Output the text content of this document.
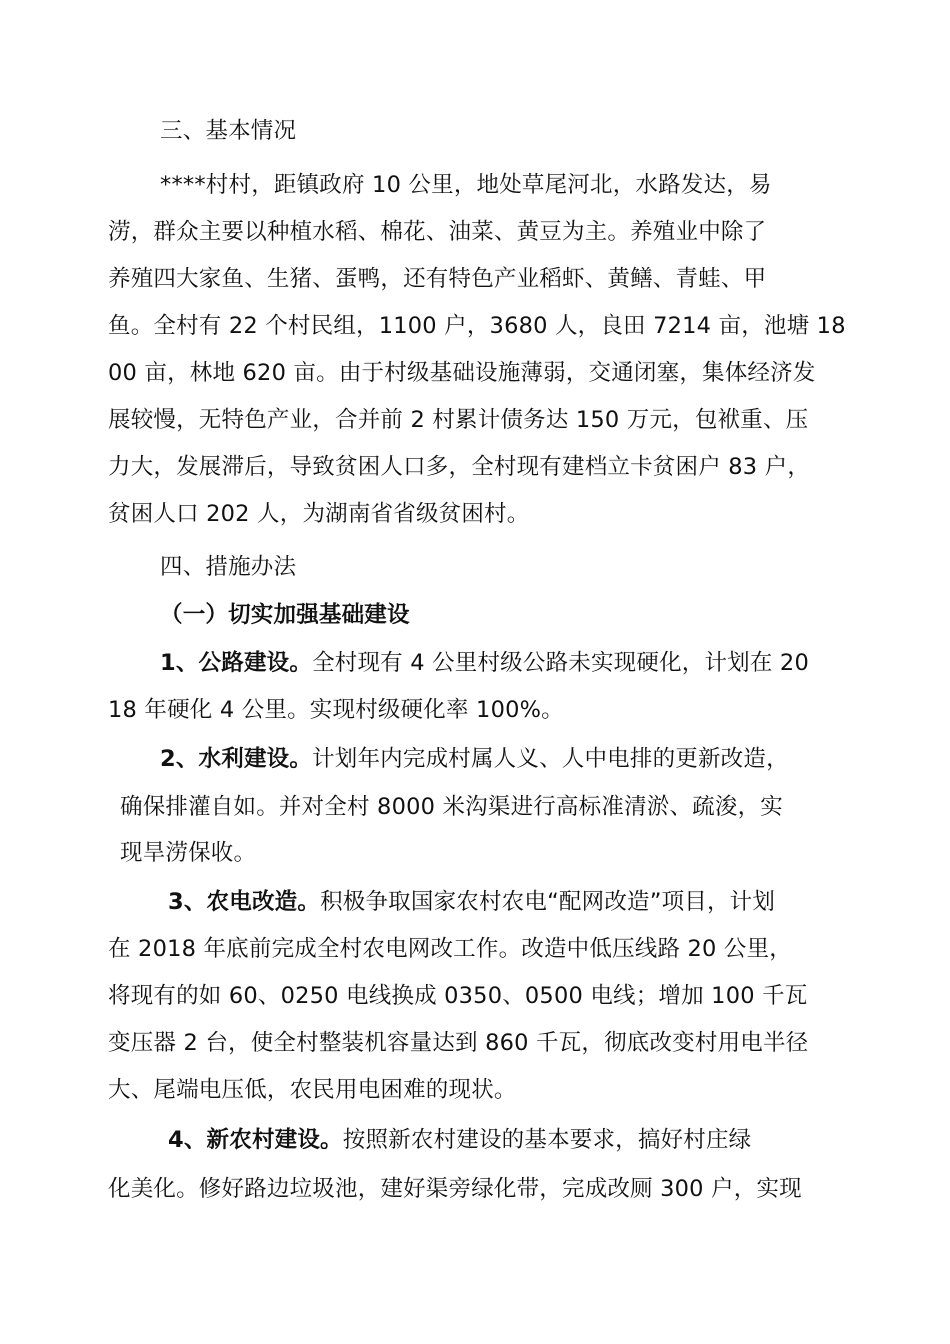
三、基本情况
****村村，距镇政府 10 公里，地处草尾河北，水路发达，易
涝，群众主要以种植水稻、棉花、油菜、黄豆为主。养殖业中除了
养殖四大家鱼、生猪、蛋鸭，还有特色产业稻虾、黄鳝、青蛙、甲
鱼。全村有 22 个村民组，1100 户，3680 人，良田 7214 亩，池塘 18
00 亩，林地 620 亩。由于村级基础设施薄弱，交通闭塞，集体经济发
展较慢，无特色产业，合并前 2 村累计债务达 150 万元，包袱重、压
力大，发展滞后，导致贫困人口多，全村现有建档立卡贫困户 83 户，
贫困人口 202 人，为湖南省省级贫困村。
四、措施办法
（一）切实加强基础建设
1、公路建设。全村现有 4 公里村级公路未实现硬化，计划在 20
18 年硬化 4 公里。实现村级硬化率 100%。
2、水利建设。计划年内完成村属人义、人中电排的更新改造，
确保排灌自如。并对全村 8000 米沟渠进行高标准清淤、疏浚，实
现旱涝保收。
3、农电改造。积极争取国家农村农电“配网改造”项目，计划
在 2018 年底前完成全村农电网改工作。改造中低压线路 20 公里，
将现有的如 60、0250 电线换成 0350、0500 电线；增加 100 千瓦
变压器 2 台，使全村整装机容量达到 860 千瓦，彻底改变村用电半径
大、尾端电压低，农民用电困难的现状。
4、新农村建设。按照新农村建设的基本要求，搞好村庄绿
化美化。修好路边垃圾池，建好渠旁绿化带，完成改厕 300 户，实现
